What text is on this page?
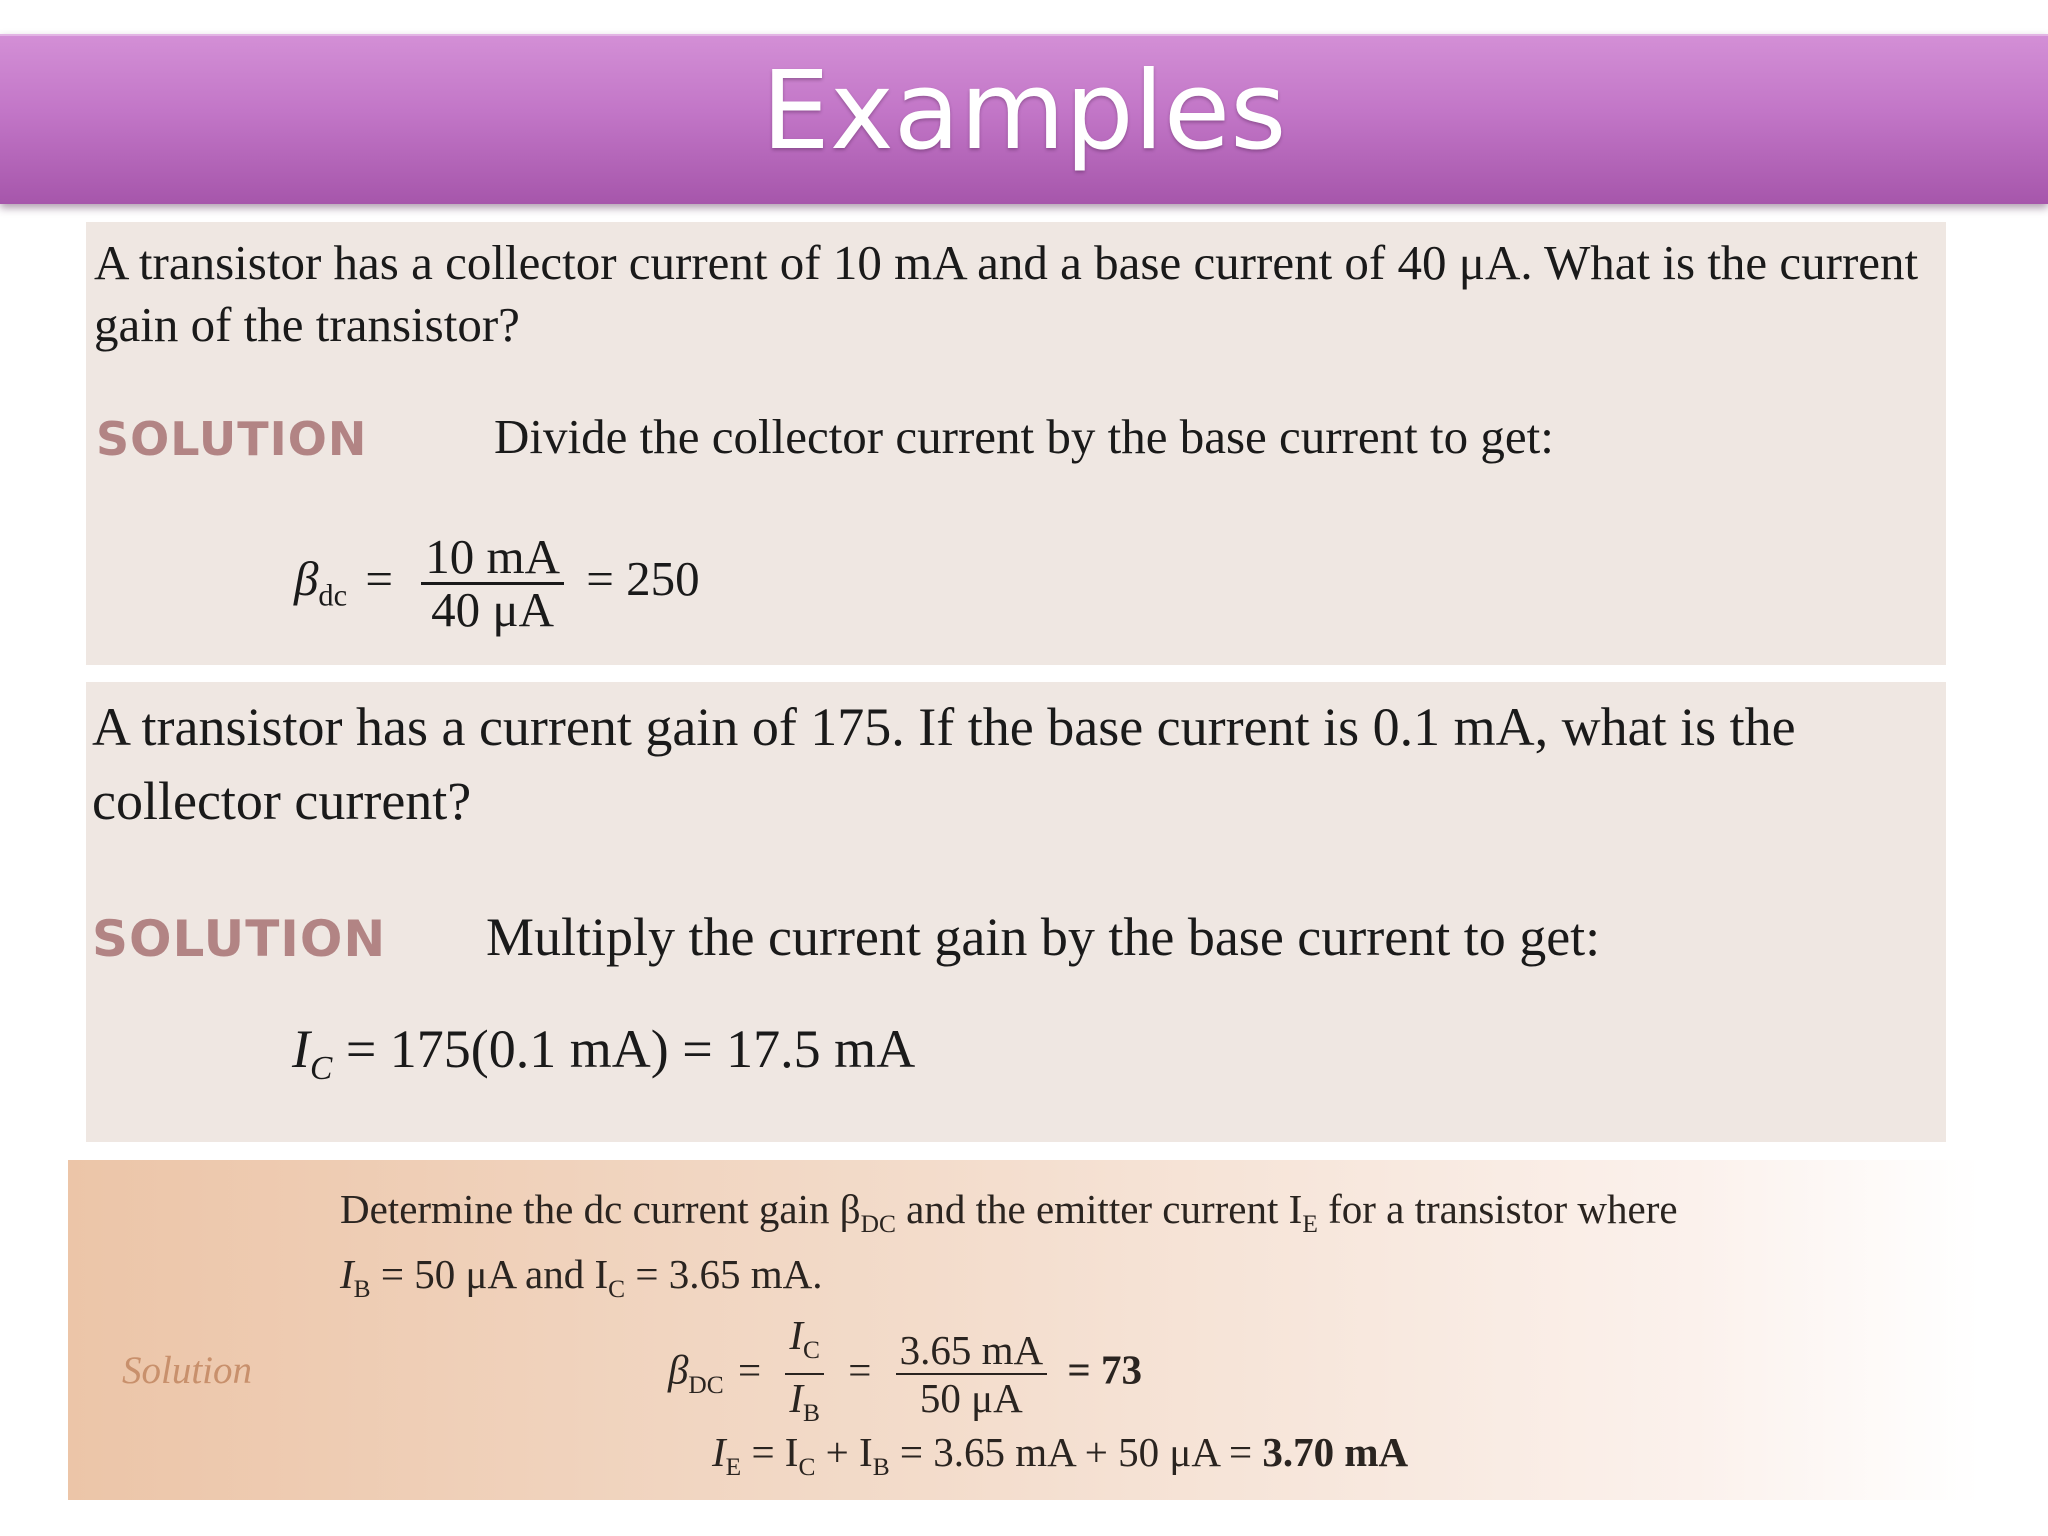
Examples
A transistor has a collector current of 10 mA and a base current of 40 μA. What is the current gain of the transistor?
SOLUTION	Divide the collector current by the base current to get:
$\beta_{dc} = \frac{10 mA}{40 \mu A} = 250$
A transistor has a current gain of 175. If the base current is 0.1 mA, what is the collector current?
SOLUTION Multiply the current gain by the base current to get:
$I_C = 175(0.1$ mA) = 17.5 mA
Determine the dc current gain $\beta_{DC}$ and the emitter current $I_E$ for a transistor where
$I_B = 50$ μA and $I_C = 3.65$ mA.
Solution	$\beta_{DC} = \frac{I_C}{I_B} = \frac{3.65 mA}{50 \mu A} = 73$
$I_E = I_C + I_B = 3.65$ mA + 50 μA = 3.70 mA
